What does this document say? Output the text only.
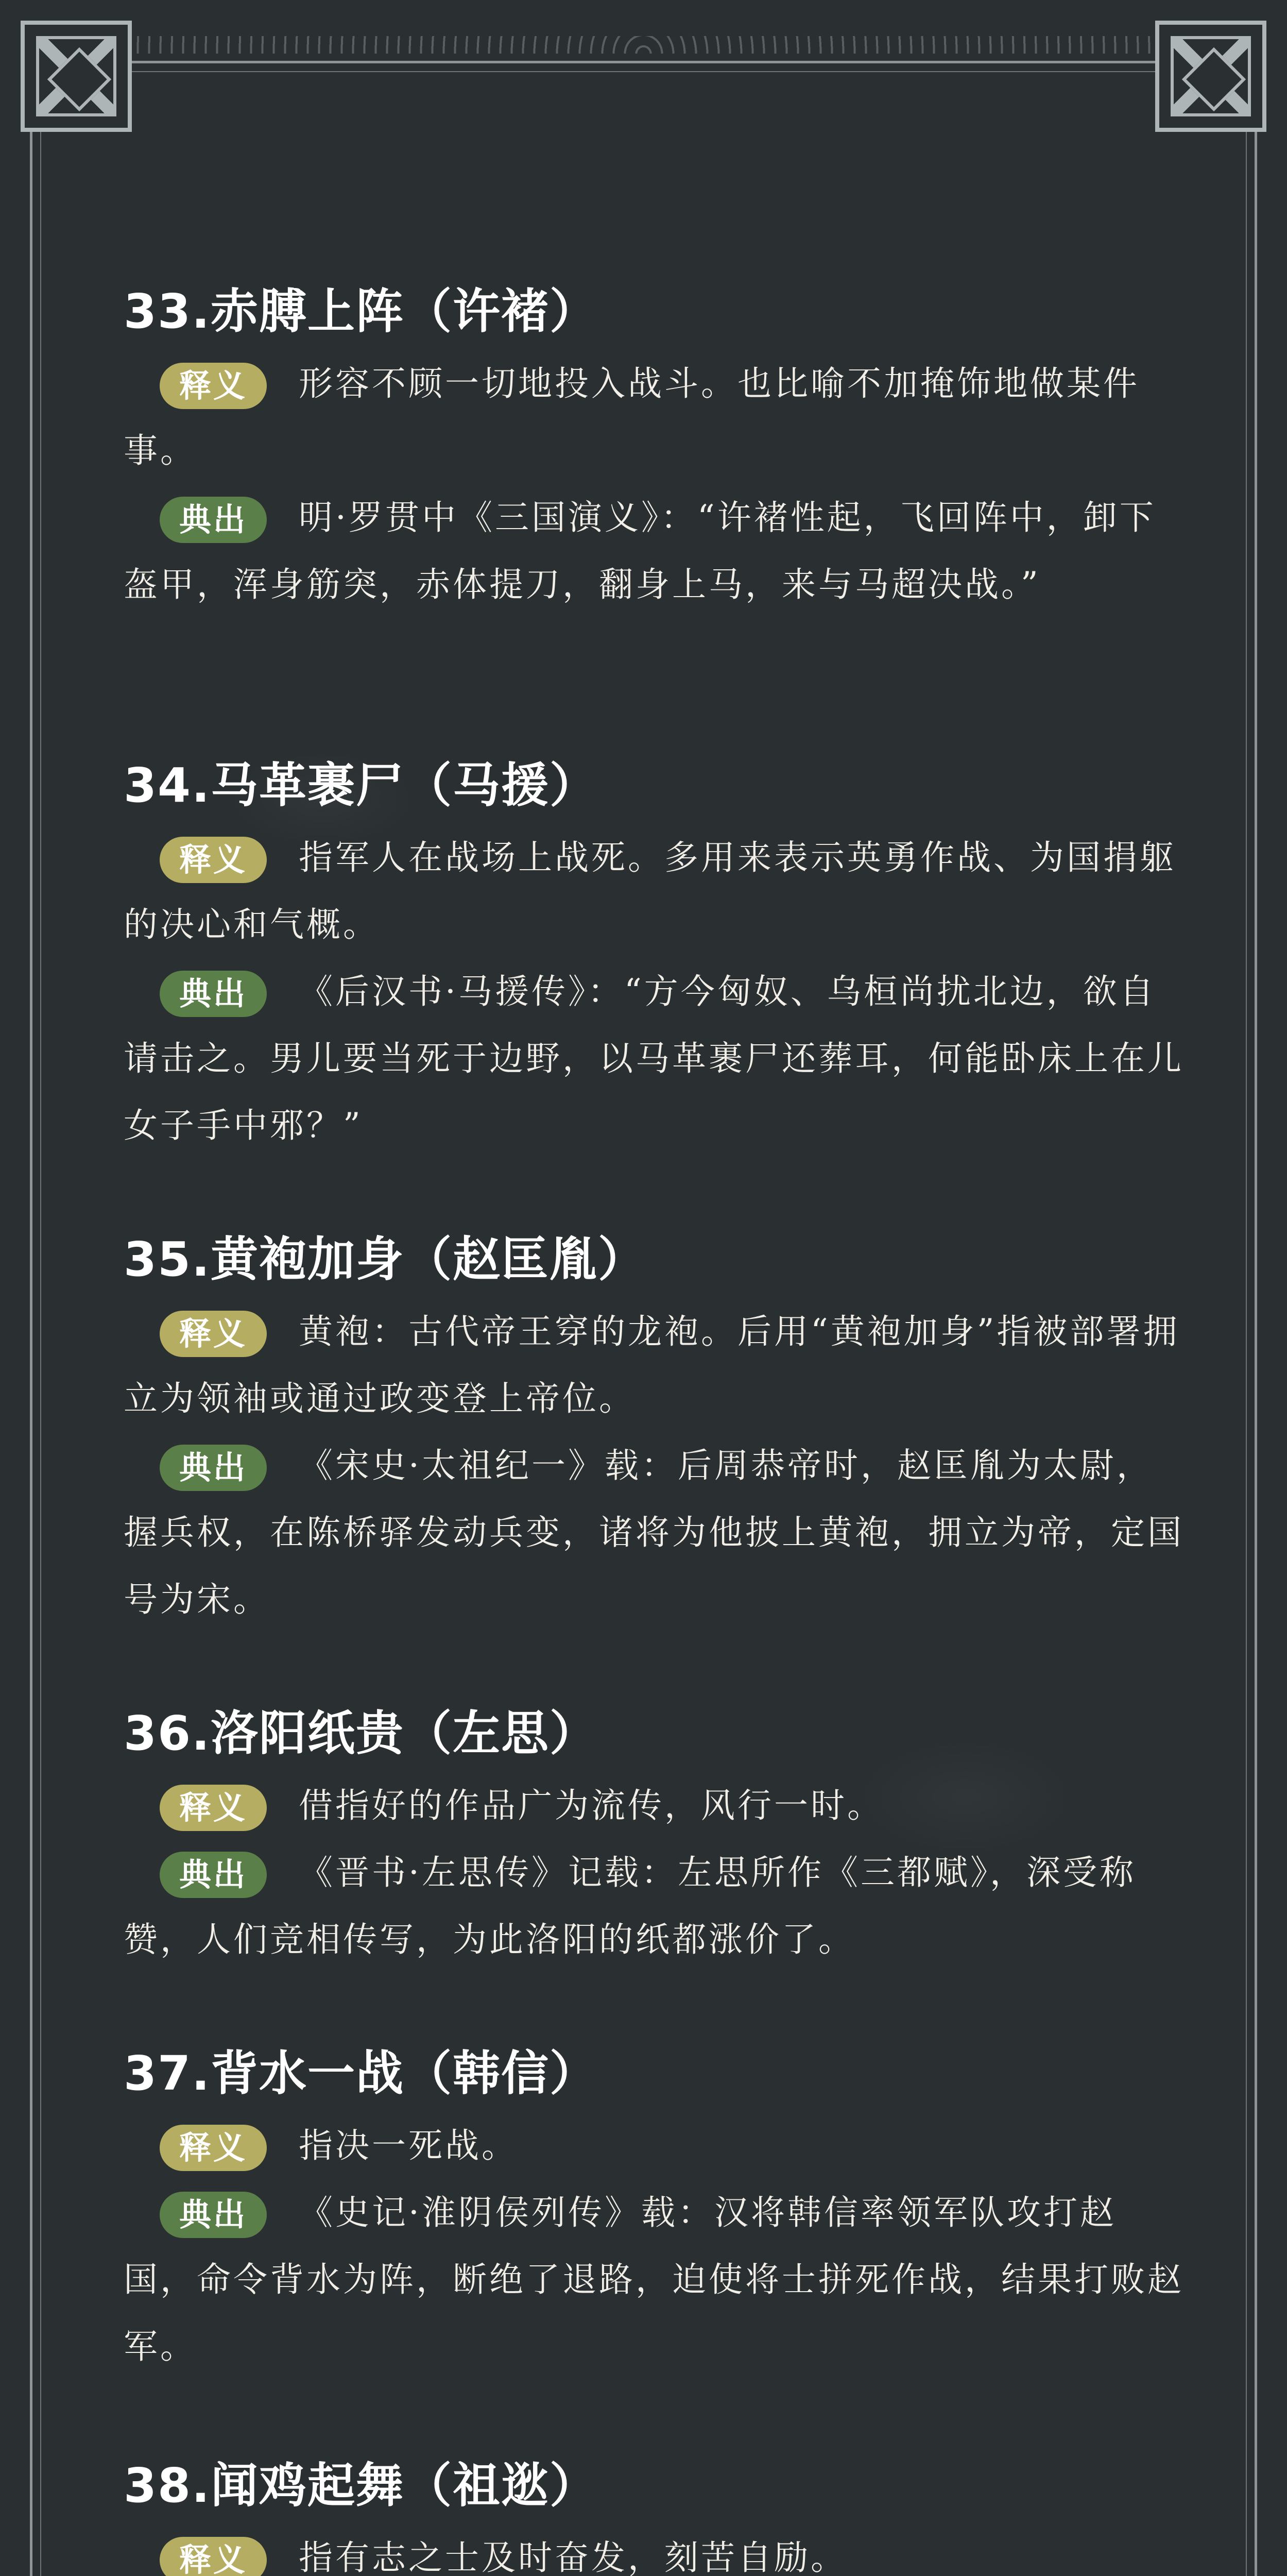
33.赤膊上阵（许褚）
释义	形容不顾一切地投入战斗。也比喻不加掩饰地做某件事。
典出	明·罗贯中《三国演义》：“许褚性起，飞回阵中，卸下盔甲，浑身筋突，赤体提刀，翻身上马，来与马超决战。”
34.马革裹尸（马援）
释义	指军人在战场上战死。多用来表示英勇作战、为国捐躯的决心和气概。
典出	《后汉书·马援传》：“方今匈奴、乌桓尚扰北边，欲自请击之。男儿要当死于边野，以马革裹尸还葬耳，何能卧床上在儿女子手中邪？”
35.黄袍加身（赵匡胤）
释义	黄袍：古代帝王穿的龙袍。后用“黄袍加身”指被部署拥立为领袖或通过政变登上帝位。
典出	《宋史·太祖纪一》载：后周恭帝时，赵匡胤为太尉，握兵权，在陈桥驿发动兵变，诸将为他披上黄袍，拥立为帝，定国号为宋。
36.洛阳纸贵（左思）
释义	借指好的作品广为流传，风行一时。
典出	《晋书·左思传》记载：左思所作《三都赋》，深受称赞，人们竞相传写，为此洛阳的纸都涨价了。
37.背水一战（韩信）
释义	指决一死战。
典出	《史记·淮阴侯列传》载：汉将韩信率领军队攻打赵国，命令背水为阵，断绝了退路，迫使将士拼死作战，结果打败赵军。
38.闻鸡起舞（祖逖）
释义	指有志之士及时奋发，刻苦自励。
